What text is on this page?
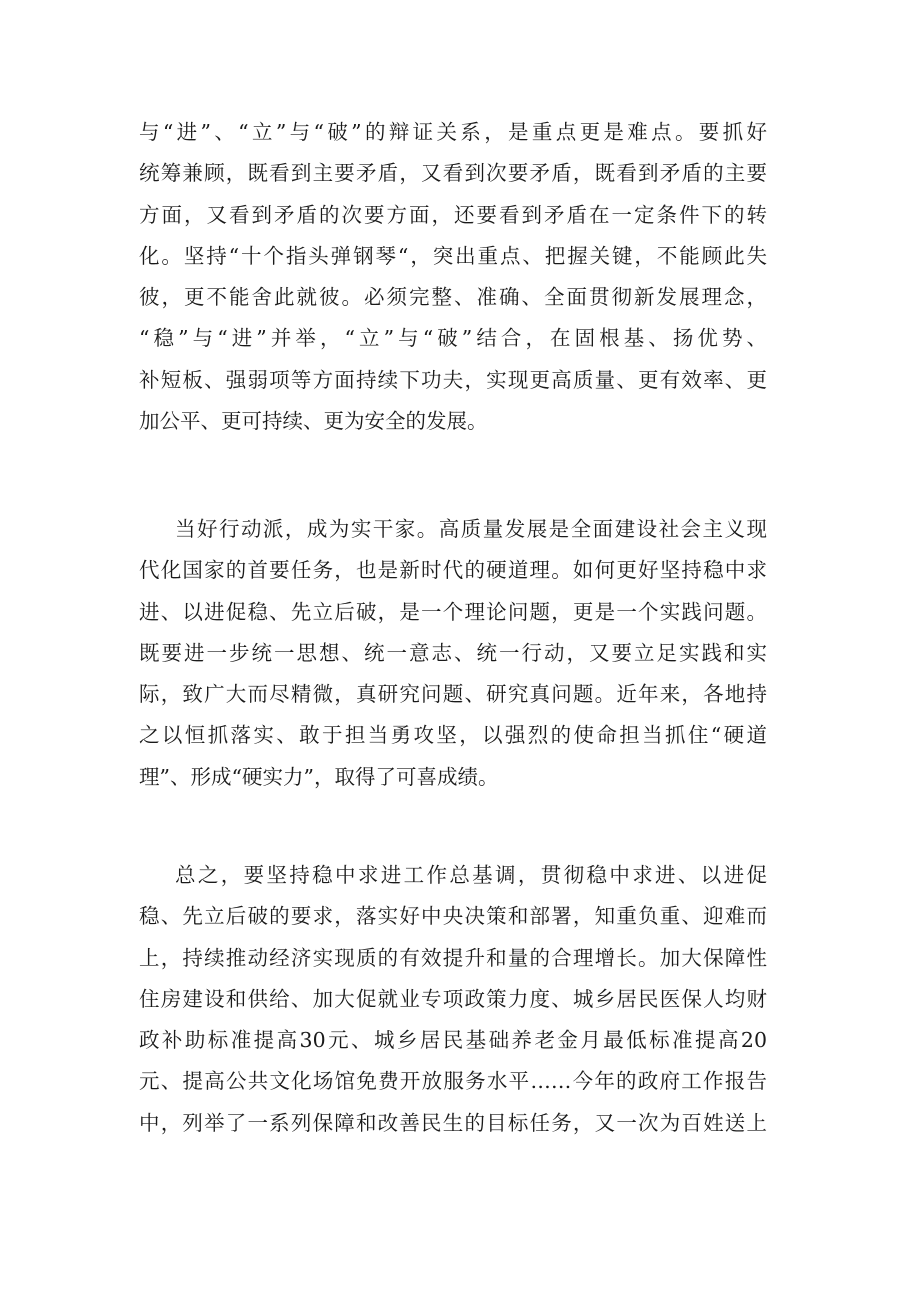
与“进”、“立”与“破”的辩证关系，是重点更是难点。要抓好
统筹兼顾，既看到主要矛盾，又看到次要矛盾，既看到矛盾的主要
方面，又看到矛盾的次要方面，还要看到矛盾在一定条件下的转
化。坚持“十个指头弹钢琴“，突出重点、把握关键，不能顾此失
彼，更不能舍此就彼。必须完整、准确、全面贯彻新发展理念，
“稳”与“进”并举，“立”与“破”结合，在固根基、扬优势、
补短板、强弱项等方面持续下功夫，实现更高质量、更有效率、更
加公平、更可持续、更为安全的发展。
当好行动派，成为实干家。高质量发展是全面建设社会主义现
代化国家的首要任务，也是新时代的硬道理。如何更好坚持稳中求
进、以进促稳、先立后破，是一个理论问题，更是一个实践问题。
既要进一步统一思想、统一意志、统一行动，又要立足实践和实
际，致广大而尽精微，真研究问题、研究真问题。近年来，各地持
之以恒抓落实、敢于担当勇攻坚，以强烈的使命担当抓住“硬道
理”、形成“硬实力”，取得了可喜成绩。
总之，要坚持稳中求进工作总基调，贯彻稳中求进、以进促
稳、先立后破的要求，落实好中央决策和部署，知重负重、迎难而
上，持续推动经济实现质的有效提升和量的合理增长。加大保障性
住房建设和供给、加大促就业专项政策力度、城乡居民医保人均财
政补助标准提高30元、城乡居民基础养老金月最低标准提高20
元、提高公共文化场馆免费开放服务水平……今年的政府工作报告
中，列举了一系列保障和改善民生的目标任务，又一次为百姓送上
